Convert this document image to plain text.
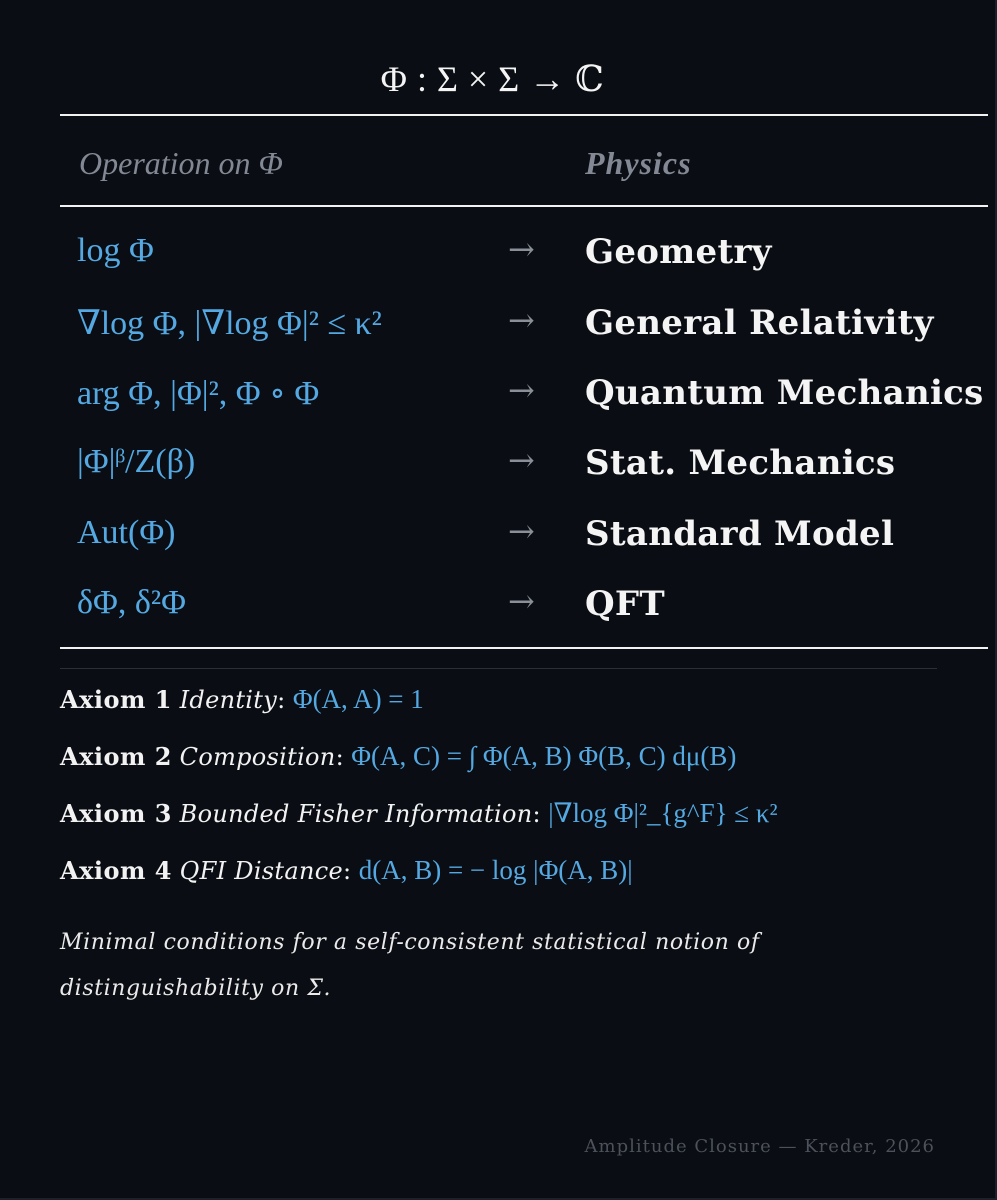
Φ : Σ × Σ → ℂ
Operation on Φ	Physics
log Φ	→ Geometry
∇log Φ, |∇log Φ|² ≤ κ²	→ General Relativity
arg Φ, |Φ|², Φ ∘ Φ	→ Quantum Mechanics
|Φ|ᵝ/Z(β)	→ Stat. Mechanics
Aut(Φ)	→ Standard Model
δΦ, δ²Φ	→ QFT
Axiom 1 Identity: Φ(A, A) = 1
Axiom 2 Composition: Φ(A, C) = ∫ Φ(A, B) Φ(B, C) dμ(B)
Axiom 3 Bounded Fisher Information: |∇log Φ|²_{g^F} ≤ κ²
Axiom 4 QFI Distance: d(A, B) = − log |Φ(A, B)|
Minimal conditions for a self-consistent statistical notion of distinguishability on Σ.
Amplitude Closure — Kreder, 2026
